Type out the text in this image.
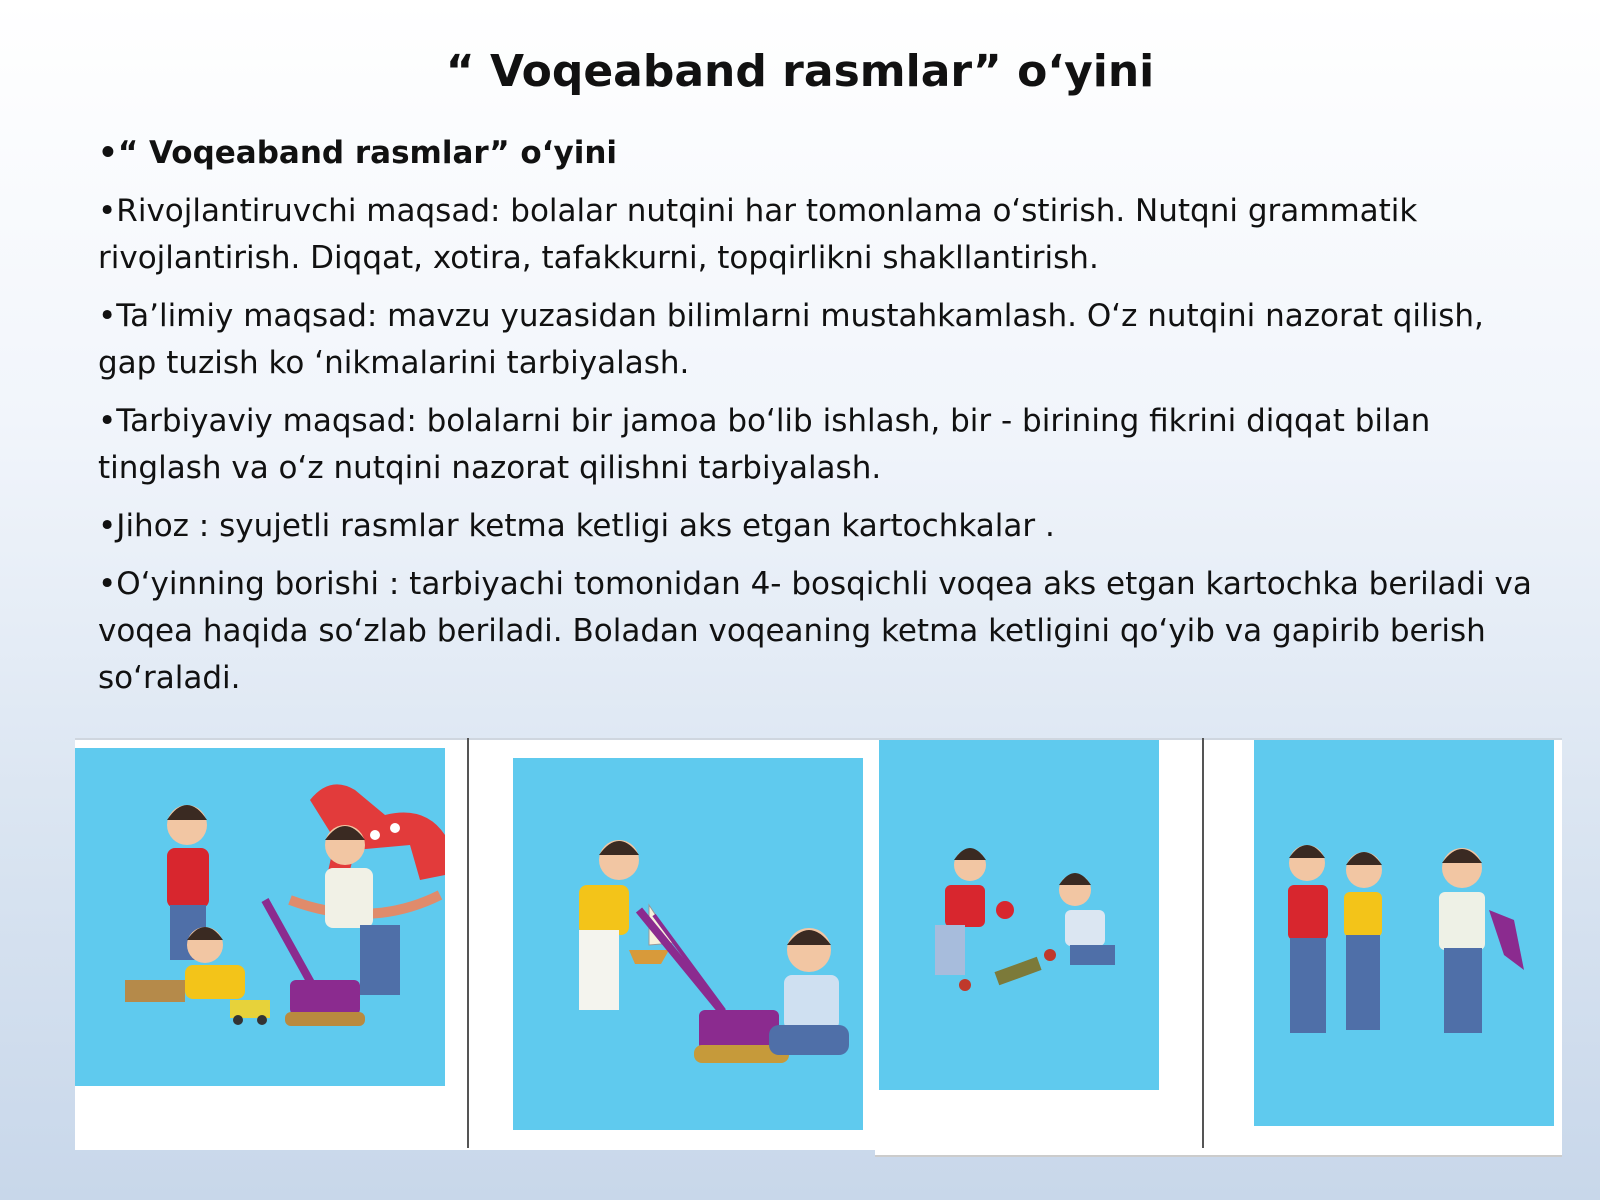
“ Voqeaband rasmlar” o‘yini
• “ Voqeaband rasmlar” o‘yini
• Rivojlantiruvchi maqsad: bolalar nutqini har tomonlama o‘stirish. Nutqni grammatik rivojlantirish. Diqqat, xotira, tafakkurni, topqirlikni shakllantirish.
• Ta’limiy maqsad: mavzu yuzasidan bilimlarni mustahkamlash. O‘z nutqini nazorat qilish, gap tuzish ko ‘nikmalarini tarbiyalash.
• Tarbiyaviy maqsad: bolalarni bir jamoa bo‘lib ishlash, bir - birining fikrini diqqat bilan tinglash va o‘z nutqini nazorat qilishni tarbiyalash.
• Jihoz : syujetli rasmlar ketma ketligi aks etgan kartochkalar .
• O‘yinning borishi : tarbiyachi tomonidan 4- bosqichli voqea aks etgan kartochka beriladi va voqea haqida so‘zlab beriladi. Boladan voqeaning ketma ketligini qo‘yib va gapirib berish so‘raladi.
